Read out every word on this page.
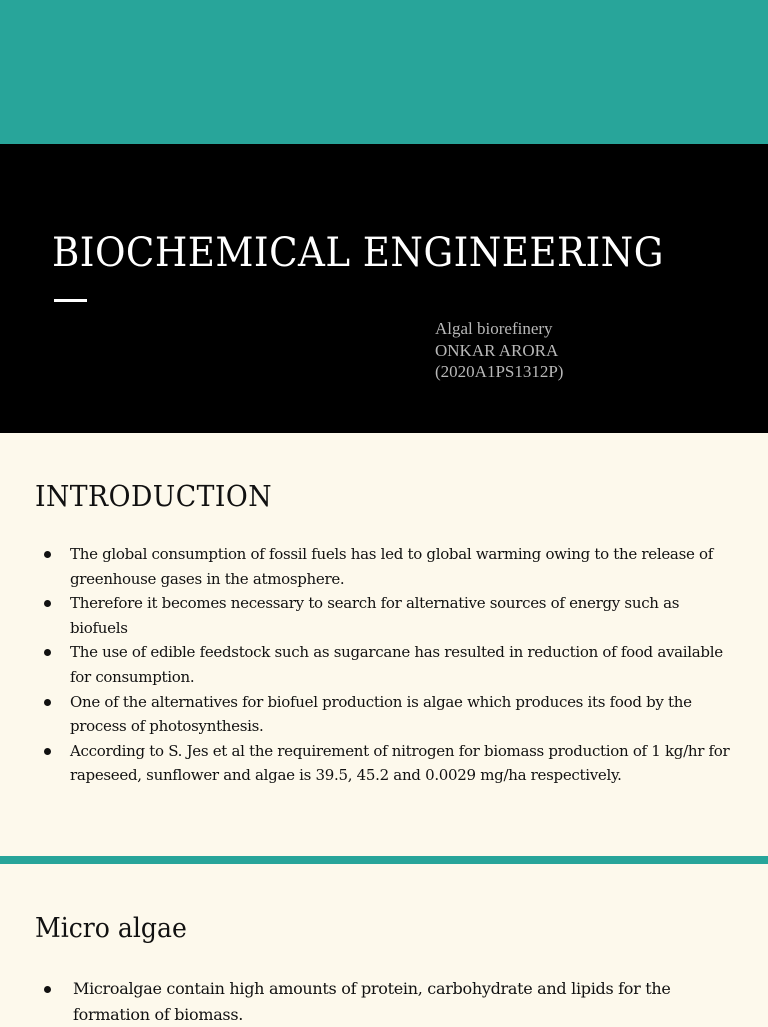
BIOCHEMICAL ENGINEERING
Algal biorefinery
ONKAR ARORA
(2020A1PS1312P)
INTRODUCTION
The global consumption of fossil fuels has led to global warming owing to the release of greenhouse gases in the atmosphere.
Therefore it becomes necessary to search for alternative sources of energy such as biofuels
The use of edible feedstock such as sugarcane has resulted in reduction of food available for consumption.
One of the alternatives for biofuel production is algae which produces its food by the process of photosynthesis.
According to S. Jes et al the requirement of nitrogen for biomass production of 1 kg/hr for rapeseed, sunflower and algae is 39.5, 45.2 and 0.0029 mg/ha respectively.
Micro algae
Microalgae contain high amounts of protein, carbohydrate and lipids for the formation of biomass.
